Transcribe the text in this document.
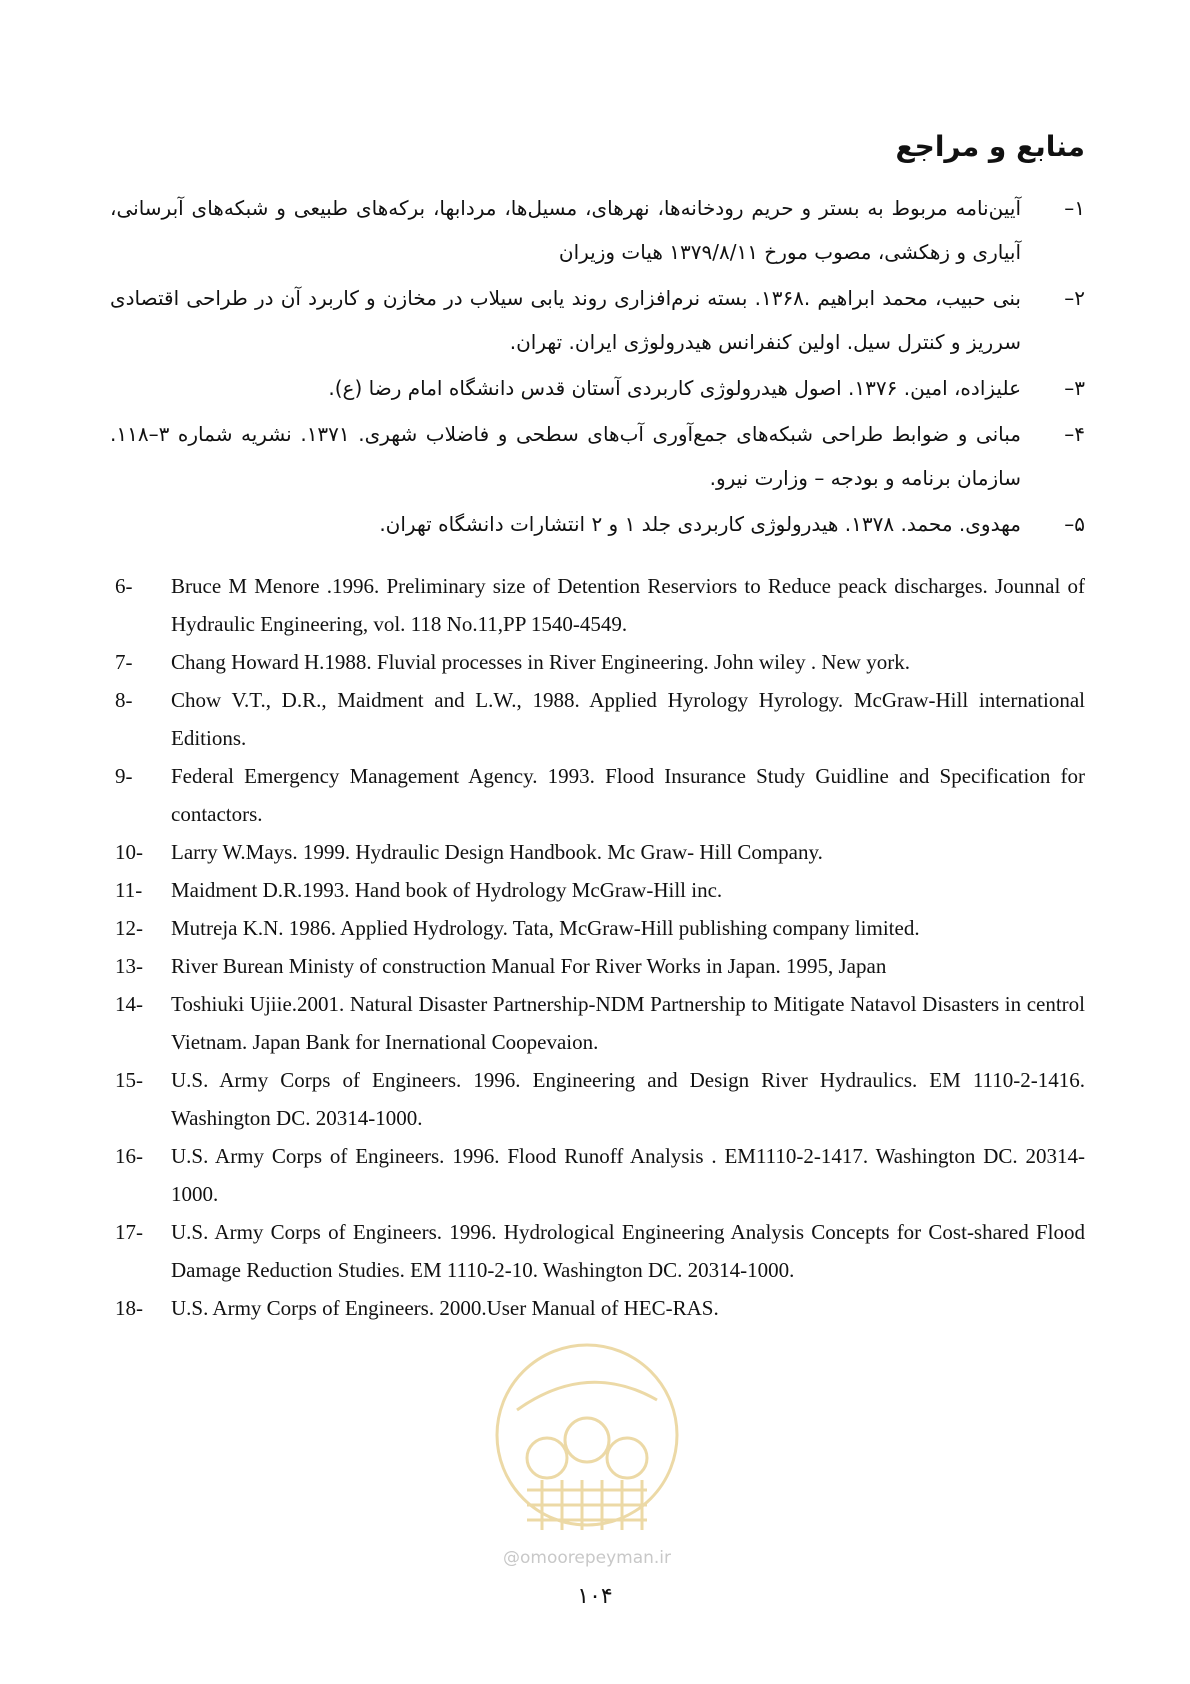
منابع و مراجع
۱–
آیین‌نامه مربوط به بستر و حریم رودخانه‌ها، نهرهای، مسیل‌ها، مردابها، برکه‌های طبیعی و شبکه‌های آبرسانی، آبیاری و زهکشی، مصوب مورخ ۱۳۷۹/۸/۱۱ هیات وزیران
۲–
بنی حبیب، محمد ابراهیم .۱۳۶۸. بسته نرم‌افزاری روند یابی سیلاب در مخازن و کاربرد آن در طراحی اقتصادی سرریز و کنترل سیل. اولین کنفرانس هیدرولوژی ایران. تهران.
۳–
علیزاده، امین. ۱۳۷۶. اصول هیدرولوژی کاربردی آستان قدس دانشگاه امام رضا (ع).
۴–
مبانی و ضوابط طراحی شبکه‌های جمع‌آوری آب‌های سطحی و فاضلاب شهری. ۱۳۷۱. نشریه شماره ۳–۱۱۸. سازمان برنامه و بودجه – وزارت نیرو.
۵–
مهدوی. محمد. ۱۳۷۸. هیدرولوژی کاربردی جلد ۱ و ۲ انتشارات دانشگاه تهران.
6- Bruce M Menore .1996. Preliminary size of Detention Reserviors to Reduce peack discharges. Jounnal of Hydraulic Engineering, vol. 118 No.11,PP 1540-4549.
7- Chang Howard H.1988. Fluvial processes in River Engineering. John wiley . New york.
8- Chow V.T., D.R., Maidment and L.W., 1988. Applied Hyrology Hyrology. McGraw-Hill international Editions.
9- Federal Emergency Management Agency. 1993. Flood Insurance Study Guidline and Specification for contactors.
10- Larry W.Mays. 1999. Hydraulic Design Handbook. Mc Graw- Hill Company.
11- Maidment D.R.1993. Hand book of Hydrology McGraw-Hill inc.
12- Mutreja K.N. 1986. Applied Hydrology. Tata, McGraw-Hill publishing company limited.
13- River Burean Ministy of construction Manual For River Works in Japan. 1995, Japan
14- Toshiuki Ujiie.2001. Natural Disaster Partnership-NDM Partnership to Mitigate Natavol Disasters in centrol Vietnam. Japan Bank for Inernational Coopevaion.
15- U.S. Army Corps of Engineers. 1996. Engineering and Design River Hydraulics. EM 1110-2-1416. Washington DC. 20314-1000.
16- U.S. Army Corps of Engineers. 1996. Flood Runoff Analysis . EM1110-2-1417. Washington DC. 20314-1000.
17- U.S. Army Corps of Engineers. 1996. Hydrological Engineering Analysis Concepts for Cost-shared Flood Damage Reduction Studies. EM 1110-2-10. Washington DC. 20314-1000.
18- U.S. Army Corps of Engineers. 2000.User Manual of HEC-RAS.
@omoorepeyman.ir
۱۰۴
